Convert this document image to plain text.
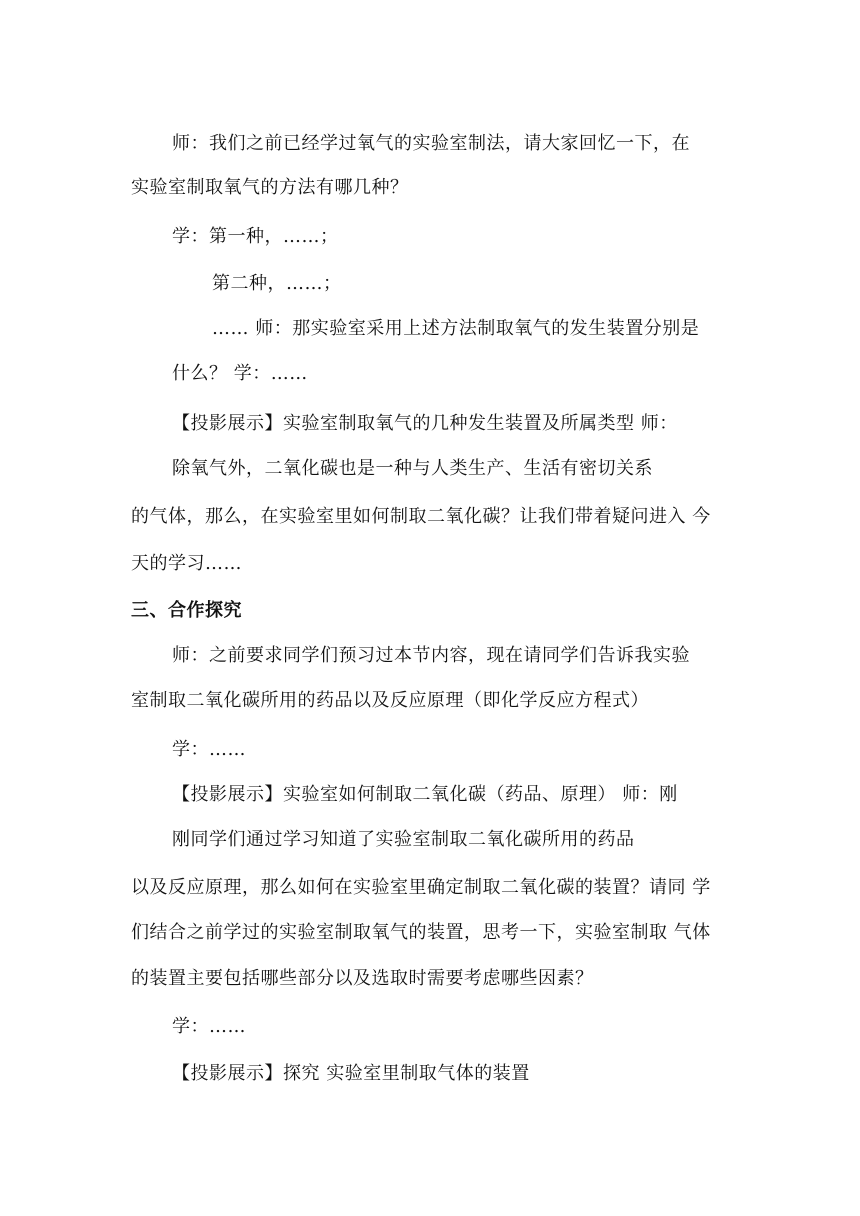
师：我们之前已经学过氧气的实验室制法，请大家回忆一下，在

实验室制取氧气的方法有哪几种？

学：第一种，……；

第二种，……；

…… 师：那实验室采用上述方法制取氧气的发生装置分别是

什么？ 学：……

【投影展示】实验室制取氧气的几种发生装置及所属类型 师：

除氧气外，二氧化碳也是一种与人类生产、生活有密切关系

的气体，那么，在实验室里如何制取二氧化碳？让我们带着疑问进入 今

天的学习……

三、合作探究

师：之前要求同学们预习过本节内容，现在请同学们告诉我实验

室制取二氧化碳所用的药品以及反应原理（即化学反应方程式）

学：……

【投影展示】实验室如何制取二氧化碳（药品、原理） 师：刚

刚同学们通过学习知道了实验室制取二氧化碳所用的药品

以及反应原理，那么如何在实验室里确定制取二氧化碳的装置？请同 学

们结合之前学过的实验室制取氧气的装置，思考一下，实验室制取 气体

的装置主要包括哪些部分以及选取时需要考虑哪些因素？

学：……

【投影展示】探究 实验室里制取气体的装置
